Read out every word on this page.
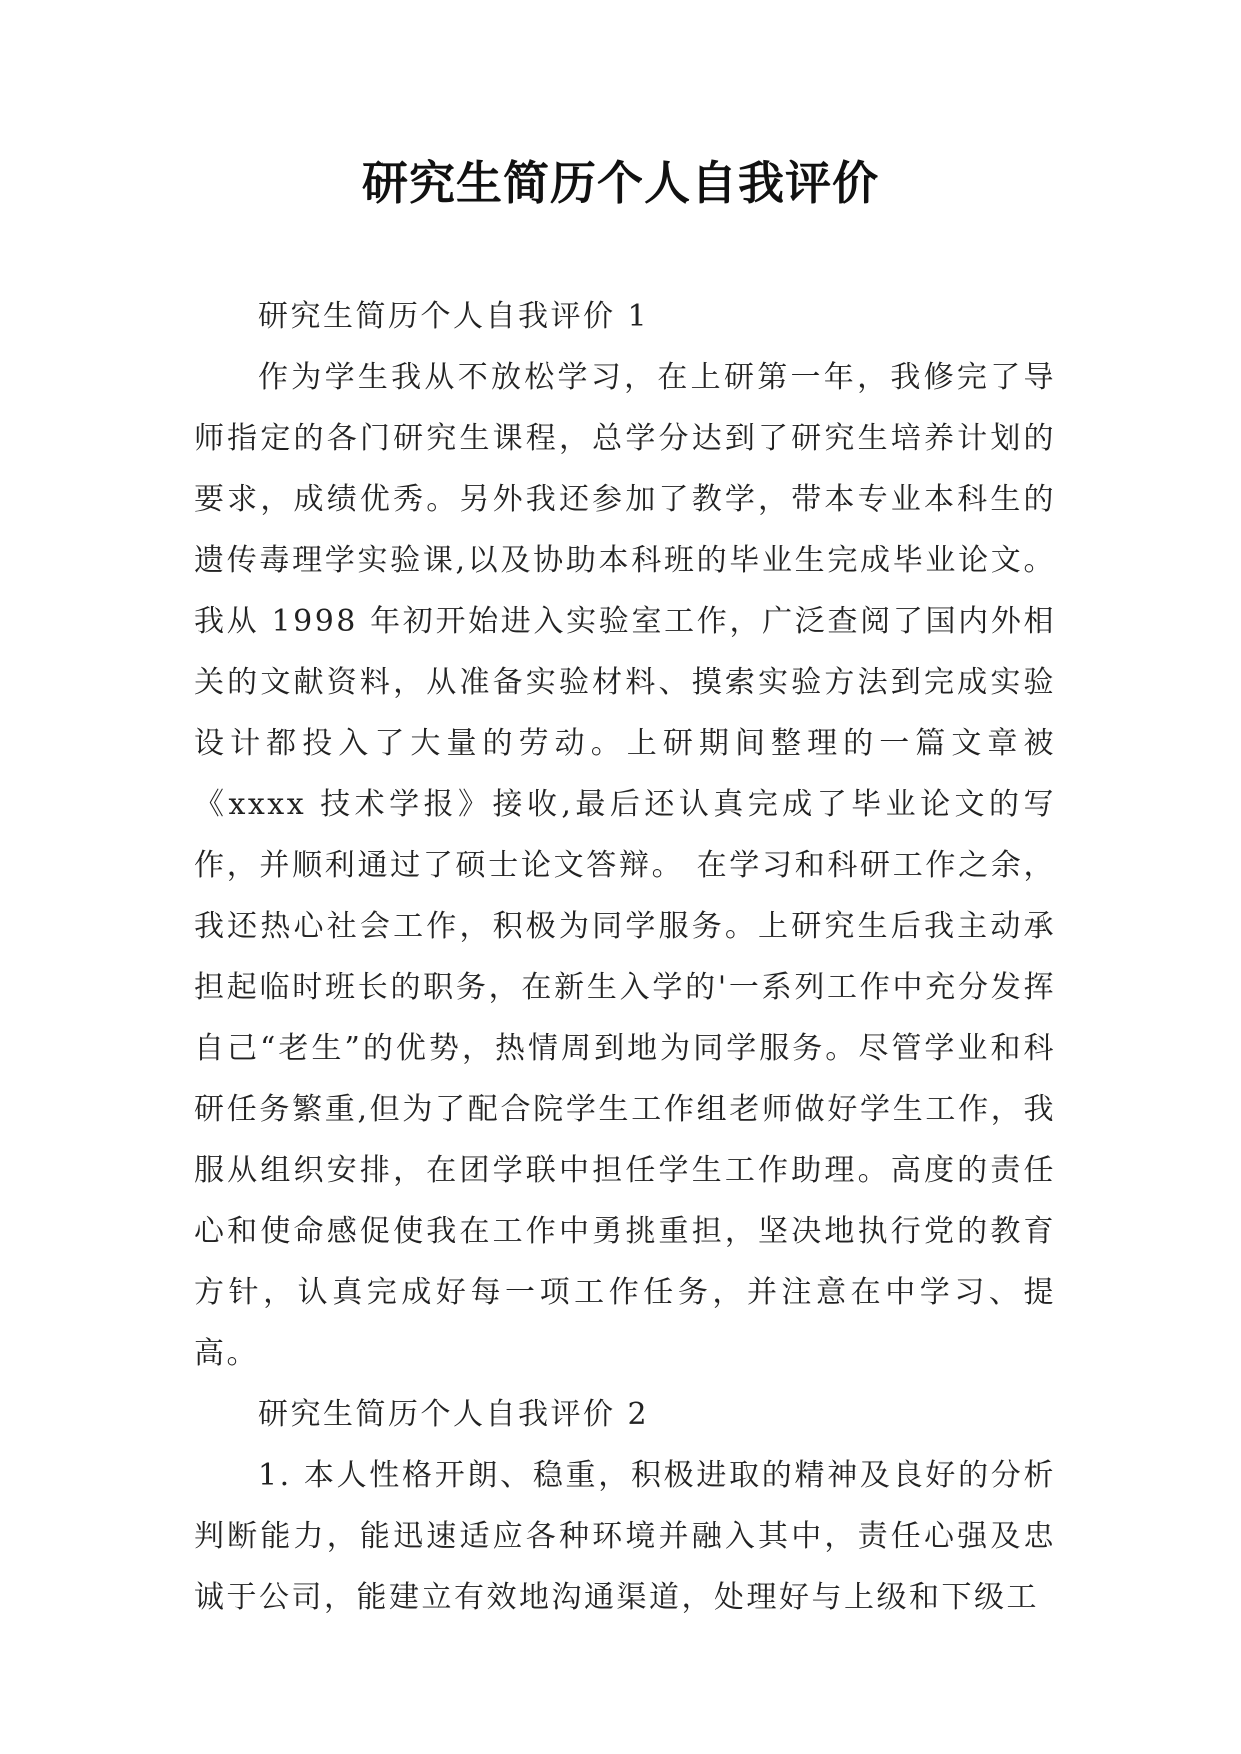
研究生简历个人自我评价

研究生简历个人自我评价 1

作为学生我从不放松学习，在上研第一年，我修完了导师指定的各门研究生课程，总学分达到了研究生培养计划的要求，成绩优秀。另外我还参加了教学，带本专业本科生的遗传毒理学实验课,以及协助本科班的毕业生完成毕业论文。我从 1998 年初开始进入实验室工作，广泛查阅了国内外相关的文献资料，从准备实验材料、摸索实验方法到完成实验设计都投入了大量的劳动。上研期间整理的一篇文章被《xxxx 技术学报》接收,最后还认真完成了毕业论文的写作，并顺利通过了硕士论文答辩。 在学习和科研工作之余，我还热心社会工作，积极为同学服务。上研究生后我主动承担起临时班长的职务，在新生入学的'一系列工作中充分发挥自己“老生”的优势，热情周到地为同学服务。尽管学业和科研任务繁重,但为了配合院学生工作组老师做好学生工作，我服从组织安排，在团学联中担任学生工作助理。高度的责任心和使命感促使我在工作中勇挑重担，坚决地执行党的教育方针，认真完成好每一项工作任务，并注意在中学习、提高。

研究生简历个人自我评价 2

1. 本人性格开朗、稳重，积极进取的精神及良好的分析判断能力，能迅速适应各种环境并融入其中，责任心强及忠诚于公司，能建立有效地沟通渠道，处理好与上级和下级工
